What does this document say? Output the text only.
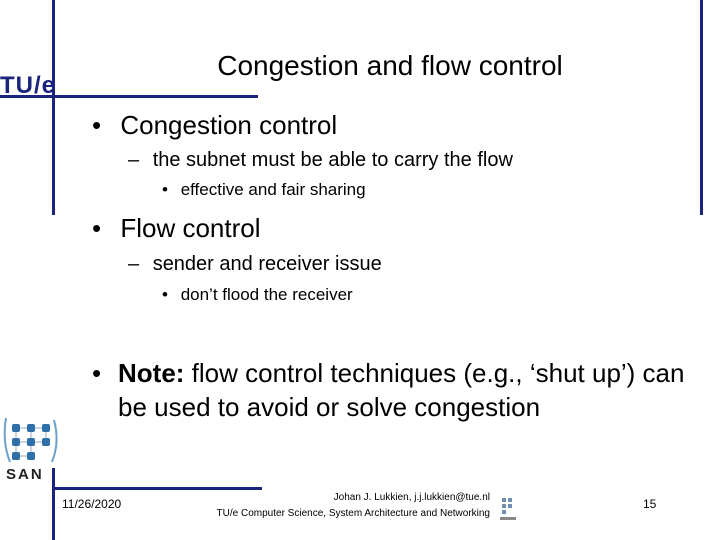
TU/e
Congestion and flow control
• Congestion control
– the subnet must be able to carry the flow
• effective and fair sharing
• Flow control
– sender and receiver issue
• don’t flood the receiver
• Note: flow control techniques (e.g., ‘shut up’) can be used to avoid or solve congestion
SAN
11/26/2020	Johan J. Lukkien, j.j.lukkien@tue.nl
TU/e Computer Science, System Architecture and Networking
15
